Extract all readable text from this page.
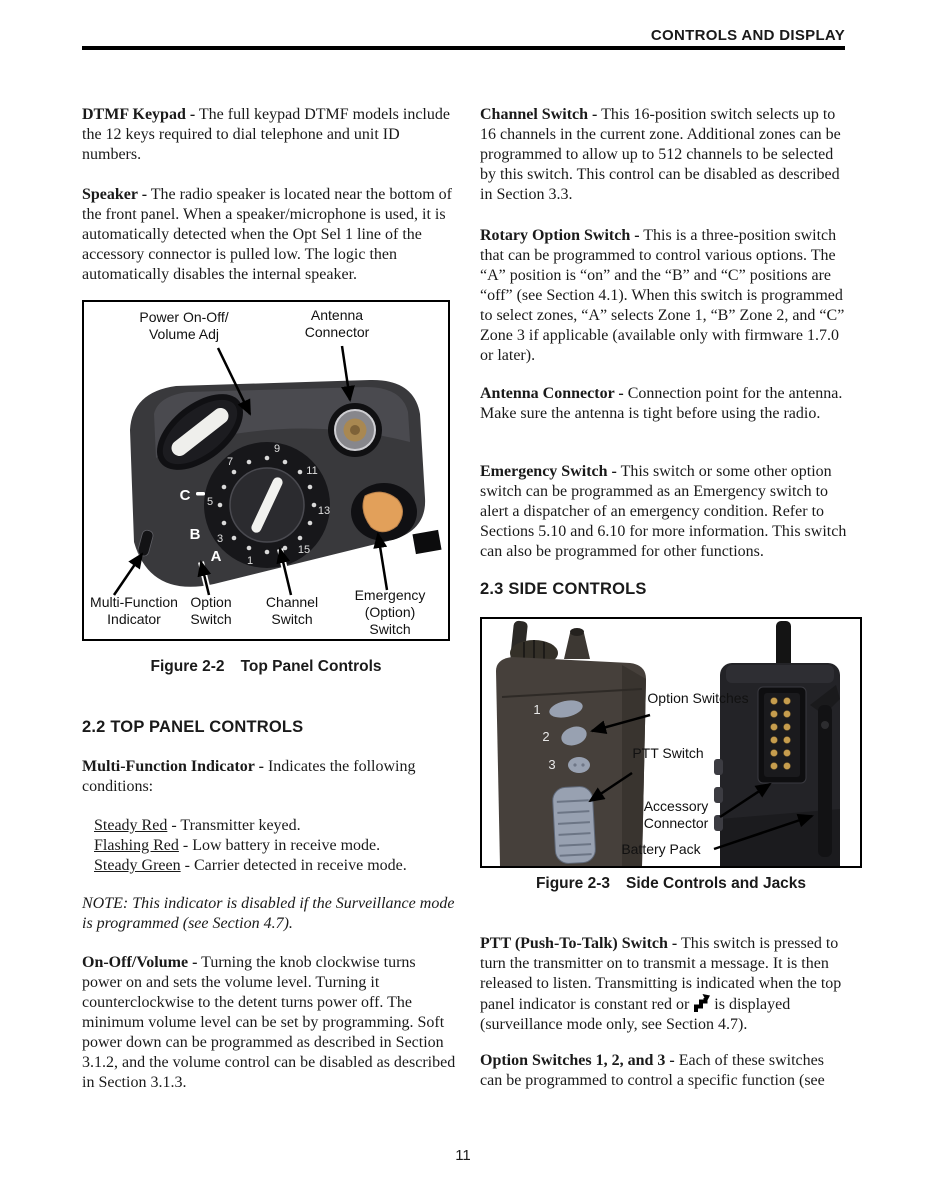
CONTROLS AND DISPLAY

DTMF Keypad - The full keypad DTMF models include the 12 keys required to dial telephone and unit ID numbers.

Speaker - The radio speaker is located near the bottom of the front panel. When a speaker/microphone is used, it is automatically detected when the Opt Sel 1 line of the accessory connector is pulled low. The logic then automatically disables the internal speaker.

1
3
5
7
9
11
13
15
C
B
A
Power On-Off/
Volume Adj
Antenna
Connector
Multi-Function
Indicator
Option
Switch
Channel
Switch
Emergency
(Option)
Switch
Figure 2-2 Top Panel Controls
2.2 TOP PANEL CONTROLS

Multi-Function Indicator - Indicates the following conditions:

Steady Red - Transmitter keyed.
Flashing Red - Low battery in receive mode.
Steady Green - Carrier detected in receive mode.

NOTE: This indicator is disabled if the Surveillance mode is programmed (see Section 4.7).

On-Off/Volume - Turning the knob clockwise turns power on and sets the volume level. Turning it counterclockwise to the detent turns power off. The minimum volume level can be set by programming. Soft power down can be programmed as described in Section 3.1.2, and the volume control can be disabled as described in Section 3.1.3.

Channel Switch - This 16-position switch selects up to 16 channels in the current zone. Additional zones can be programmed to allow up to 512 channels to be selected by this switch. This control can be disabled as described in Section 3.3.

Rotary Option Switch - This is a three-position switch that can be programmed to control various options. The “A” position is “on” and the “B” and “C” positions are “off” (see Section 4.1). When this switch is programmed to select zones, “A” selects Zone 1, “B” Zone 2, and “C” Zone 3 if applicable (available only with firmware 1.7.0 or later).

Antenna Connector - Connection point for the antenna. Make sure the antenna is tight before using the radio.

Emergency Switch - This switch or some other option switch can be programmed as an Emergency switch to alert a dispatcher of an emergency condition. Refer to Sections 5.10 and 6.10 for more information. This switch can also be programmed for other functions.

2.3 SIDE CONTROLS
1
2
3
Option Switches
PTT Switch
Accessory
Connector
Battery Pack
Figure 2-3 Side Controls and Jacks

PTT (Push-To-Talk) Switch - This switch is pressed to turn the transmitter on to transmit a message. It is then released to listen. Transmitting is indicated when the top panel indicator is constant red or is displayed (surveillance mode only, see Section 4.7).

Option Switches 1, 2, and 3 - Each of these switches can be programmed to control a specific function (see

11
